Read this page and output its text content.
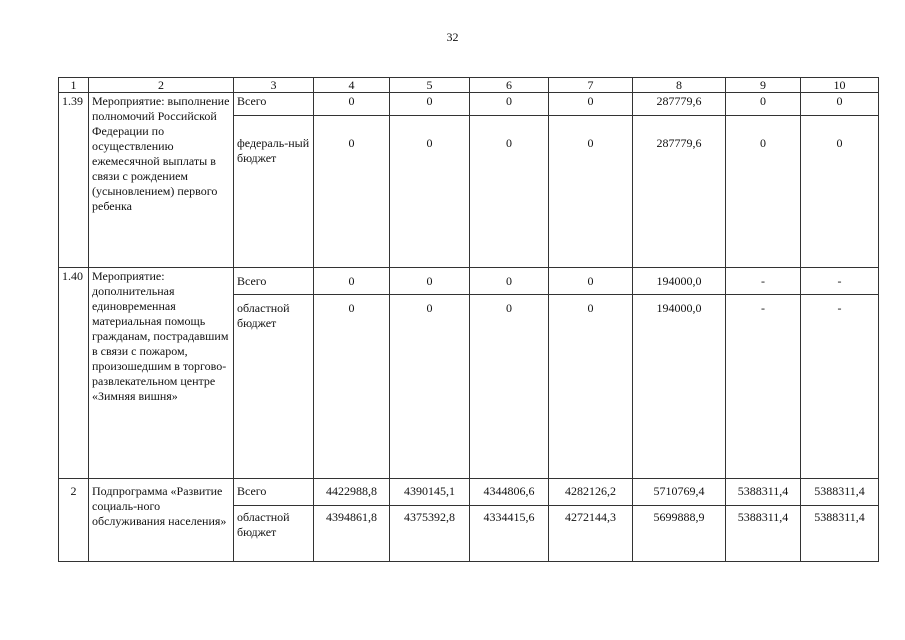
32
1	2	3	4	5	6	7	8	9	10
1.39	Мероприятие: выполнение полномочий Российской Федерации по осуществлению ежемесячной выплаты в связи с рождением (усыновлением) первого ребенка	Всего	0	0	0	0	287779,6	0	0
		федераль-ный бюджет	0	0	0	0	287779,6	0	0
1.40	Мероприятие: дополнительная единовременная материальная помощь гражданам, пострадавшим в связи с пожаром, произошедшим в торгово-развлекательном центре «Зимняя вишня»	Всего	0	0	0	0	194000,0	-	-
		областной бюджет	0	0	0	0	194000,0	-	-
2	Подпрограмма «Развитие социаль-ного обслуживания населения»	Всего	4422988,8	4390145,1	4344806,6	4282126,2	5710769,4	5388311,4	5388311,4
		областной бюджет	4394861,8	4375392,8	4334415,6	4272144,3	5699888,9	5388311,4	5388311,4
